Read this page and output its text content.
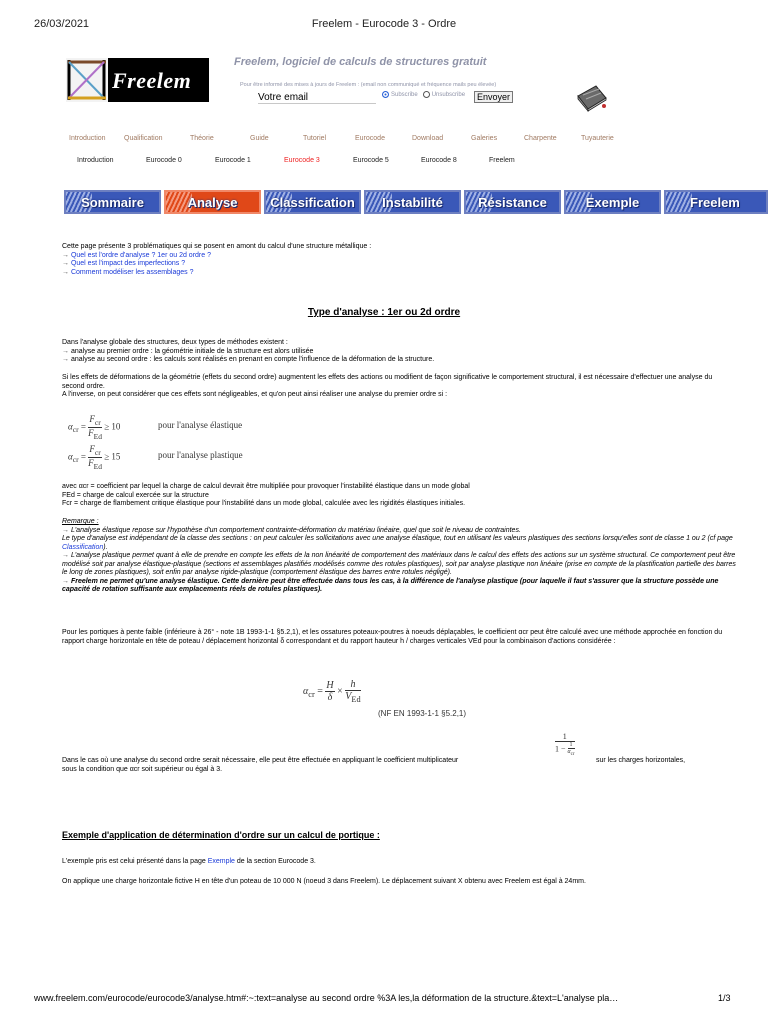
26/03/2021	Freelem - Eurocode 3 - Ordre
Freelem
Freelem, logiciel de calculs de structures gratuit
Pour être informé des mises à jours de Freelem : (email non communiqué et fréquence mails peu élevée)
Votre email
Subscribe Unsubscribe	Envoyer
Introduction	Qualification	Théorie	Guide	Tutoriel	Eurocode	Download	Galeries	Charpente	Tuyauterie
Introduction	Eurocode 0	Eurocode 1	Eurocode 3	Eurocode 5	Eurocode 8	Freelem
Sommaire	Analyse	Classification	Instabilité	Résistance	Exemple	Freelem
Cette page présente 3 problématiques qui se posent en amont du calcul d'une structure métallique :
→ Quel est l'ordre d'analyse ? 1er ou 2d ordre ?
→ Quel est l'impact des imperfections ?
→ Comment modéliser les assemblages ?
Type d'analyse : 1er ou 2d ordre
Dans l'analyse globale des structures, deux types de méthodes existent :
→ analyse au premier ordre : la géométrie initiale de la structure est alors utilisée
→ analyse au second ordre : les calculs sont réalisés en prenant en compte l'influence de la déformation de la structure.
Si les effets de déformations de la géométrie (effets du second ordre) augmentent les effets des actions ou modifient de façon significative le comportement structural, il est nécessaire d'effectuer une analyse du second ordre.
A l'inverse, on peut considérer que ces effets sont négligeables, et qu'on peut ainsi réaliser une analyse du premier ordre si :
$\alpha_{cr} = \frac{F_{cr}}{F_{Ed}} \ge 10$	pour l'analyse élastique
$\alpha_{cr} = \frac{F_{cr}}{F_{Ed}} \ge 15$	pour l'analyse plastique
avec αcr = coefficient par lequel la charge de calcul devrait être multipliée pour provoquer l'instabilité élastique dans un mode global
FEd = charge de calcul exercée sur la structure
Fcr = charge de flambement critique élastique pour l'instabilité dans un mode global, calculée avec les rigidités élastiques initiales.
Remarque :
→ L'analyse élastique repose sur l'hypothèse d'un comportement contrainte-déformation du matériau linéaire, quel que soit le niveau de contraintes.
Le type d'analyse est indépendant de la classe des sections : on peut calculer les sollicitations avec une analyse élastique, tout en utilisant les valeurs plastiques des sections lorsqu'elles sont de classe 1 ou 2 (cf page Classification).
→ L'analyse plastique permet quant à elle de prendre en compte les effets de la non linéarité de comportement des matériaux dans le calcul des effets des actions sur un système structural. Ce comportement peut être modélisé soit par analyse élastique-plastique (sections et assemblages plastifiés modélisés comme des rotules plastiques), soit par analyse plastique non linéaire (prise en compte de la plastification partielle des barres le long de zones plastiques), soit enfin par analyse rigide-plastique (comportement élastique des barres entre rotules négligé).
→ Freelem ne permet qu'une analyse élastique. Cette dernière peut être effectuée dans tous les cas, à la différence de l'analyse plastique (pour laquelle il faut s'assurer que la structure possède une capacité de rotation suffisante aux emplacements réels de rotules plastiques).
Pour les portiques à pente faible (inférieure à 26° - note 1B 1993-1-1 §5.2,1), et les ossatures poteaux-poutres à noeuds déplaçables, le coefficient αcr peut être calculé avec une méthode approchée en fonction du rapport charge horizontale en tête de poteau / déplacement horizontal δ correspondant et du rapport hauteur h / charges verticales VEd pour la combinaison d'actions considérée :
$\alpha_{cr} = \frac{H}{\delta} \times \frac{h}{V_{Ed}}$
(NF EN 1993-1-1 §5.2,1)
Dans le cas où une analyse du second ordre serait nécessaire, elle peut être effectuée en appliquant le coefficient multiplicateur
sous la condition que αcr soit supérieur ou égal à 3.
$\frac{1}{1 - \frac{1}{\alpha_{cr}}}$
sur les charges horizontales,
Exemple d'application de détermination d'ordre sur un calcul de portique :
L'exemple pris est celui présenté dans la page Exemple de la section Eurocode 3.
On applique une charge horizontale fictive H en tête d'un poteau de 10 000 N (noeud 3 dans Freelem). Le déplacement suivant X obtenu avec Freelem est égal à 24mm.
www.freelem.com/eurocode/eurocode3/analyse.htm#:~:text=analyse au second ordre %3A les,la déformation de la structure.&text=L'analyse pla…	1/3
